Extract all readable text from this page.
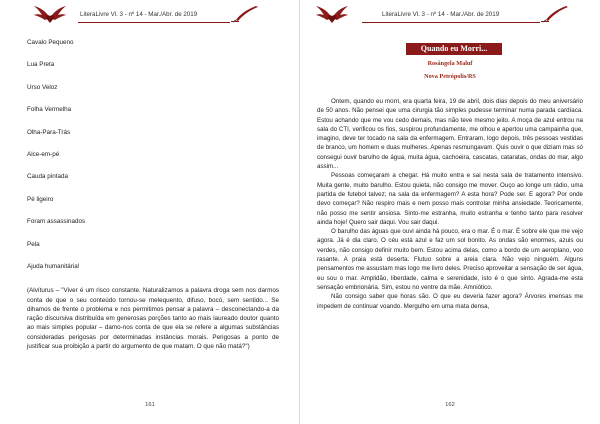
LiteraLivre Vl. 3 - nº 14 - Mar./Abr. de 2019
Cavalo Pequeno
Lua Preta
Urso Veloz
Folha Vermelha
Olha-Para-Trás
Alce-em-pé
Cauda pintada
Pé ligeiro
Foram assassinados
Pela
Ajuda humanitária!
(Alvíturus – "Viver é um risco constante. Naturalizamos a palavra droga sem nos darmos conta de que o seu conteúdo tornou-se melequento, difuso, bocó, sem sentido... Se dihamos de frente o problema e nos permitimos pensar a palavra – desconectando-a da ração discursiva distribuída em generosas porções tanto ao mais laureado doutor quanto ao mais simples popular – damo-nos conta de que ela se refere a algumas substâncias consideradas perigosas por determinadas instâncias morais. Perigosas a ponto de justificar sua proibição a partir do argumento de que matam. O que não matá?")
161
LiteraLivre Vl. 3 - nº 14 - Mar./Abr. de 2019
Quando eu Morri...
Rosângela Maluf
Nova Petrópolis/RS

Ontem, quando eu morri, era quarta feira, 19 de abril, dois dias depois do meu aniversário de 50 anos. Não pensei que uma cirurgia tão simples pudesse terminar numa parada cardíaca. Estou achando que me vou cedo demais, mas não teve mesmo jeito. A moça de azul entrou na sala do CTI, verificou os fios, suspirou profundamente, me olhou e apertou uma campainha que, imagino, deve ter tocado na sala da enfermagem. Entraram, logo depois, três pessoas vestidas de branco, um homem e duas mulheres. Apenas resmungavam. Quis ouvir o que diziam mas só consegui ouvir barulho de água, muita água, cachoeira, cascatas, cataratas, ondas do mar, algo assim...

Pessoas começaram a chegar. Há muito entra e sai nesta sala de tratamento intensivo. Muita gente, muito barulho. Estou quieta, não consigo me mover. Ouço ao longe um rádio, uma partida de futebol talvez; na sala da enfermagem? A esta hora? Pode ser. E agora? Por onde devo começar? Não respiro mais e nem posso mais controlar minha ansiedade. Teoricamente, não posso me sentir ansiosa. Sinto-me estranha, muito estranha e tenho tanto para resolver ainda hoje! Quero sair daqui. Vou sair daqui.

O barulho das águas que ouvi ainda há pouco, era o mar. É o mar. É sobre ele que me vejo agora. Já é dia claro. O céu está azul e faz um sol bonito. As ondas são enormes, azuis ou verdes, não consigo definir muito bem. Estou acima delas, como a bordo de um aeroplano, voo rasante. A praia está deserta. Flutuo sobre a areia clara. Não vejo ninguém. Alguns pensamentos me assustam mas logo me livro deles. Preciso aproveitar a sensação de ser água, eu sou o mar. Amplidão, liberdade, calma e serenidade, isto é o que sinto. Agrada-me esta sensação embrionária. Sim, estou no ventre da mãe. Amniótico.

Não consigo saber que horas são. O que eu deveria fazer agora? Árvores imensas me impedem de continuar voando. Mergulho em uma mata densa,

162
